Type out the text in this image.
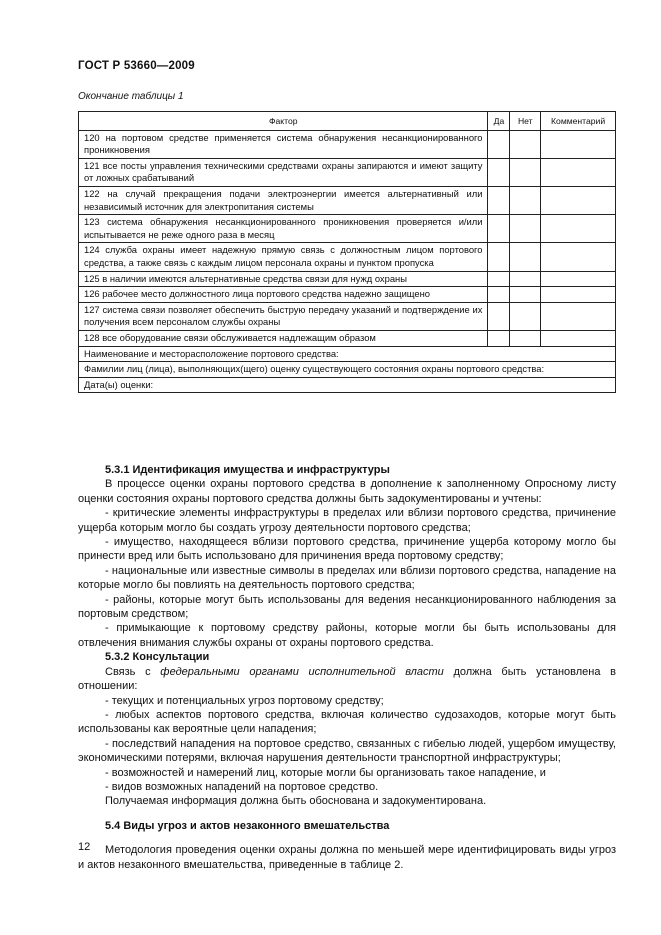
ГОСТ Р 53660—2009
Окончание таблицы 1
Фактор	Да	Нет	Комментарий
120 на портовом средстве применяется система обнаружения несанкционированного проникновения			
121 все посты управления техническими средствами охраны запираются и имеют защиту от ложных срабатываний			
122 на случай прекращения подачи электроэнергии имеется альтернативный или независимый источник для электропитания системы			
123 система обнаружения несанкционированного проникновения проверяется и/или испытывается не реже одного раза в месяц			
124 служба охраны имеет надежную прямую связь с должностным лицом портового средства, а также связь с каждым лицом персонала охраны и пунктом пропуска			
125 в наличии имеются альтернативные средства связи для нужд охраны			
126 рабочее место должностного лица портового средства надежно защищено			
127 система связи позволяет обеспечить быструю передачу указаний и подтверждение их получения всем персоналом службы охраны			
128 все оборудование связи обслуживается надлежащим образом			
Наименование и месторасположение портового средства:			
Фамилии лиц (лица), выполняющих(щего) оценку существующего состояния охраны портового средства:			
Дата(ы) оценки:			

5.3.1 Идентификация имущества и инфраструктуры

В процессе оценки охраны портового средства в дополнение к заполненному Опросному листу оценки состояния охраны портового средства должны быть задокументированы и учтены:

- критические элементы инфраструктуры в пределах или вблизи портового средства, причинение ущерба которым могло бы создать угрозу деятельности портового средства;

- имущество, находящееся вблизи портового средства, причинение ущерба которому могло бы принести вред или быть использовано для причинения вреда портовому средству;

- национальные или известные символы в пределах или вблизи портового средства, нападение на которые могло бы повлиять на деятельность портового средства;

- районы, которые могут быть использованы для ведения несанкционированного наблюдения за портовым средством;

- примыкающие к портовому средству районы, которые могли бы быть использованы для отвлечения внимания службы охраны от охраны портового средства.

5.3.2 Консультации

Связь с федеральными органами исполнительной власти должна быть установлена в отношении:

- текущих и потенциальных угроз портовому средству;

- любых аспектов портового средства, включая количество судозаходов, которые могут быть использованы как вероятные цели нападения;

- последствий нападения на портовое средство, связанных с гибелью людей, ущербом имуществу, экономическими потерями, включая нарушения деятельности транспортной инфраструктуры;

- возможностей и намерений лиц, которые могли бы организовать такое нападение, и

- видов возможных нападений на портовое средство.

Получаемая информация должна быть обоснована и задокументирована.

5.4 Виды угроз и актов незаконного вмешательства

Методология проведения оценки охраны должна по меньшей мере идентифицировать виды угроз и актов незаконного вмешательства, приведенные в таблице 2.

12
